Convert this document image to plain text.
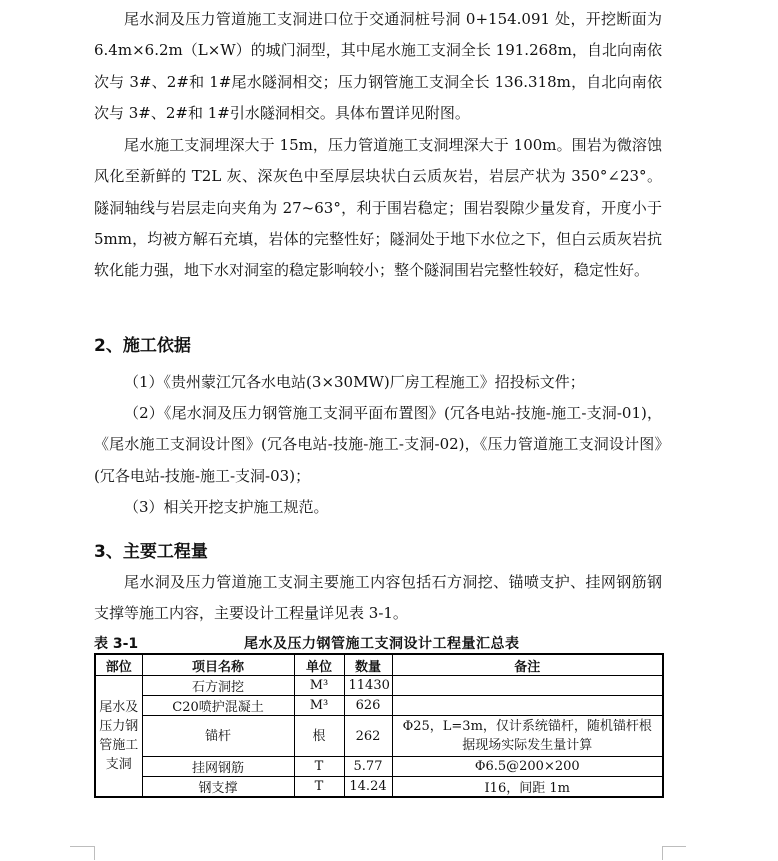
尾水洞及压力管道施工支洞进口位于交通洞桩号洞 0+154.091 处，开挖断面为 6.4m×6.2m（L×W）的城门洞型，其中尾水施工支洞全长 191.268m，自北向南依次与 3#、2#和 1#尾水隧洞相交；压力钢管施工支洞全长 136.318m，自北向南依次与 3#、2#和 1#引水隧洞相交。具体布置详见附图。

尾水施工支洞埋深大于 15m，压力管道施工支洞埋深大于 100m。围岩为微溶蚀风化至新鲜的 T2L 灰、深灰色中至厚层块状白云质灰岩，岩层产状为 350°∠23°。隧洞轴线与岩层走向夹角为 27~63°，利于围岩稳定；围岩裂隙少量发育，开度小于 5mm，均被方解石充填，岩体的完整性好；隧洞处于地下水位之下，但白云质灰岩抗软化能力强，地下水对洞室的稳定影响较小；整个隧洞围岩完整性较好，稳定性好。

2、施工依据

（1）《贵州蒙江冗各水电站(3×30MW)厂房工程施工》招投标文件；

（2）《尾水洞及压力钢管施工支洞平面布置图》(冗各电站-技施-施工-支洞-01)，《尾水施工支洞设计图》(冗各电站-技施-施工-支洞-02)，《压力管道施工支洞设计图》(冗各电站-技施-施工-支洞-03)；

（3）相关开挖支护施工规范。

3、主要工程量

尾水洞及压力管道施工支洞主要施工内容包括石方洞挖、锚喷支护、挂网钢筋钢支撑等施工内容，主要设计工程量详见表 3-1。

表 3-1	尾水及压力钢管施工支洞设计工程量汇总表
部位	项目名称	单位	数量	备注
尾水及压力钢管施工支洞	石方洞挖	M³	11430	
	C20喷护混凝土	M³	626	
	锚杆	根	262	Φ25，L=3m，仅计系统锚杆，随机锚杆根据现场实际发生量计算
	挂网钢筋	T	5.77	Φ6.5@200×200
	钢支撑	T	14.24	I16，间距 1m
